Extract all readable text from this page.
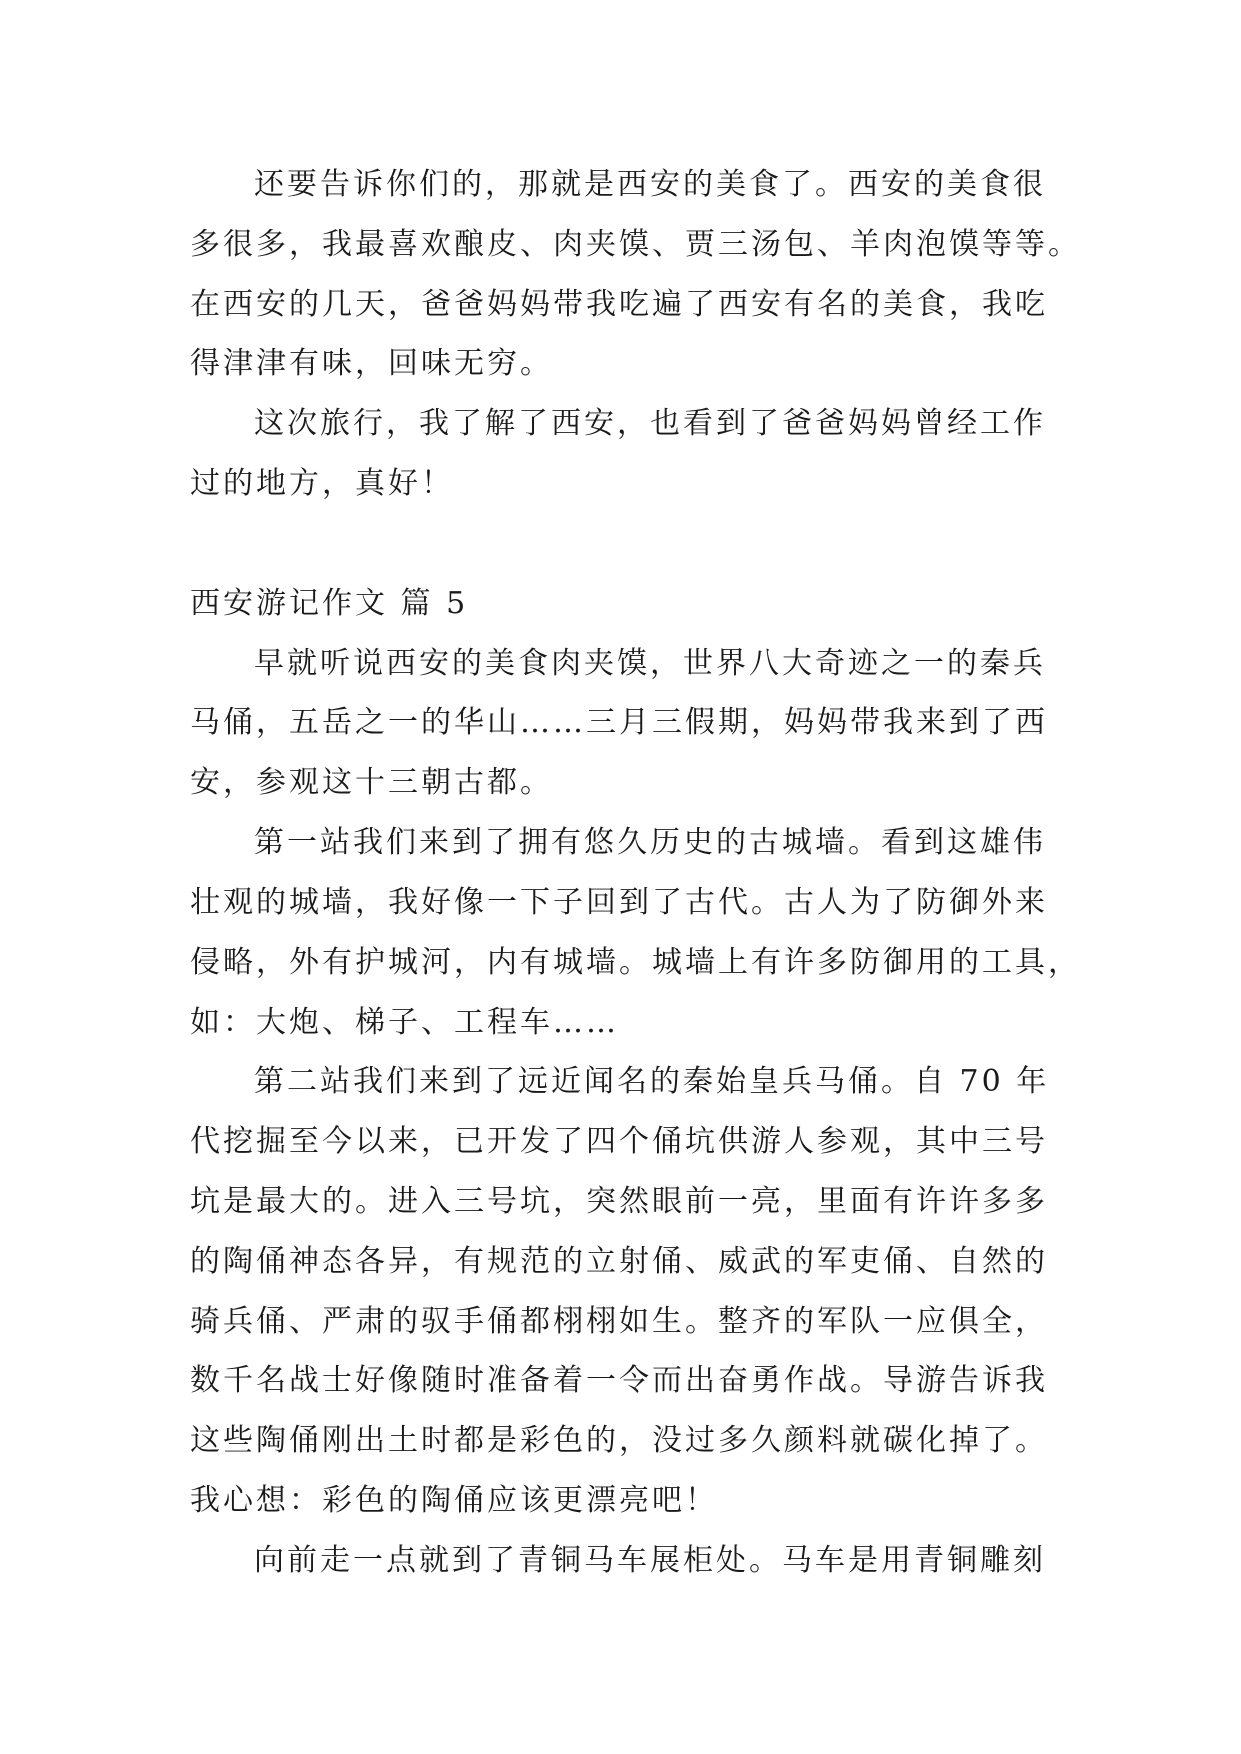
还要告诉你们的，那就是西安的美食了。西安的美食很
多很多，我最喜欢酿皮、肉夹馍、贾三汤包、羊肉泡馍等等。
在西安的几天，爸爸妈妈带我吃遍了西安有名的美食，我吃
得津津有味，回味无穷。
这次旅行，我了解了西安，也看到了爸爸妈妈曾经工作
过的地方，真好！
西安游记作文 篇 5
早就听说西安的美食肉夹馍，世界八大奇迹之一的秦兵
马俑，五岳之一的华山……三月三假期，妈妈带我来到了西
安，参观这十三朝古都。
第一站我们来到了拥有悠久历史的古城墙。看到这雄伟
壮观的城墙，我好像一下子回到了古代。古人为了防御外来
侵略，外有护城河，内有城墙。城墙上有许多防御用的工具，
如：大炮、梯子、工程车……
第二站我们来到了远近闻名的秦始皇兵马俑。自 70 年
代挖掘至今以来，已开发了四个俑坑供游人参观，其中三号
坑是最大的。进入三号坑，突然眼前一亮，里面有许许多多
的陶俑神态各异，有规范的立射俑、威武的军吏俑、自然的
骑兵俑、严肃的驭手俑都栩栩如生。整齐的军队一应俱全，
数千名战士好像随时准备着一令而出奋勇作战。导游告诉我
这些陶俑刚出土时都是彩色的，没过多久颜料就碳化掉了。
我心想：彩色的陶俑应该更漂亮吧！
向前走一点就到了青铜马车展柜处。马车是用青铜雕刻
